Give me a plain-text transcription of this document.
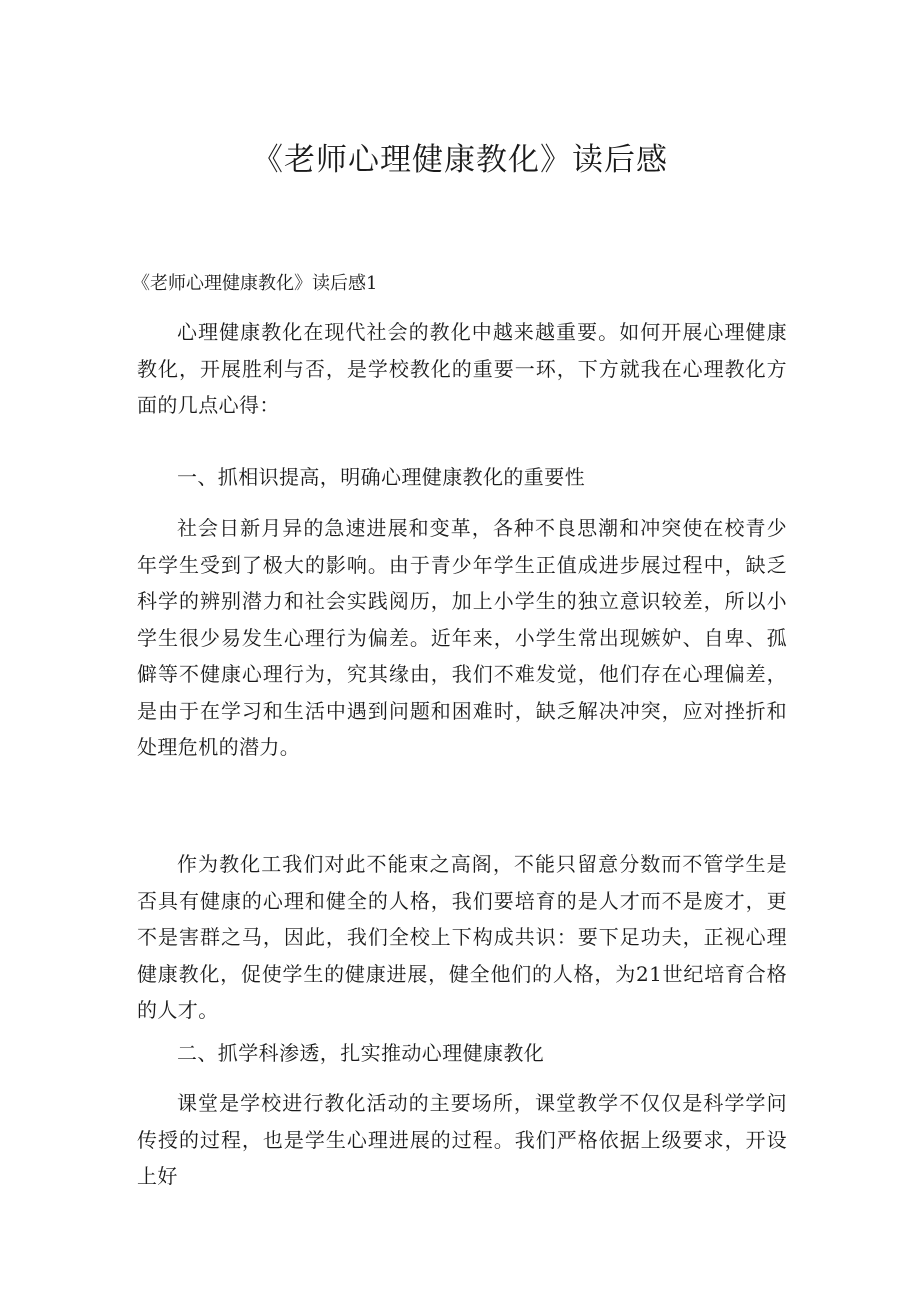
《老师心理健康教化》读后感

《老师心理健康教化》读后感1

心理健康教化在现代社会的教化中越来越重要。如何开展心理健康教化，开展胜利与否，是学校教化的重要一环，下方就我在心理教化方面的几点心得：

一、抓相识提高，明确心理健康教化的重要性

社会日新月异的急速进展和变革，各种不良思潮和冲突使在校青少年学生受到了极大的影响。由于青少年学生正值成进步展过程中，缺乏科学的辨别潜力和社会实践阅历，加上小学生的独立意识较差，所以小学生很少易发生心理行为偏差。近年来，小学生常出现嫉妒、自卑、孤僻等不健康心理行为，究其缘由，我们不难发觉，他们存在心理偏差，是由于在学习和生活中遇到问题和困难时，缺乏解决冲突，应对挫折和处理危机的潜力。

作为教化工我们对此不能束之高阁，不能只留意分数而不管学生是否具有健康的心理和健全的人格，我们要培育的是人才而不是废才，更不是害群之马，因此，我们全校上下构成共识：要下足功夫，正视心理健康教化，促使学生的健康进展，健全他们的人格，为21世纪培育合格的人才。

二、抓学科渗透，扎实推动心理健康教化

课堂是学校进行教化活动的主要场所，课堂教学不仅仅是科学学问传授的过程，也是学生心理进展的过程。我们严格依据上级要求，开设上好
